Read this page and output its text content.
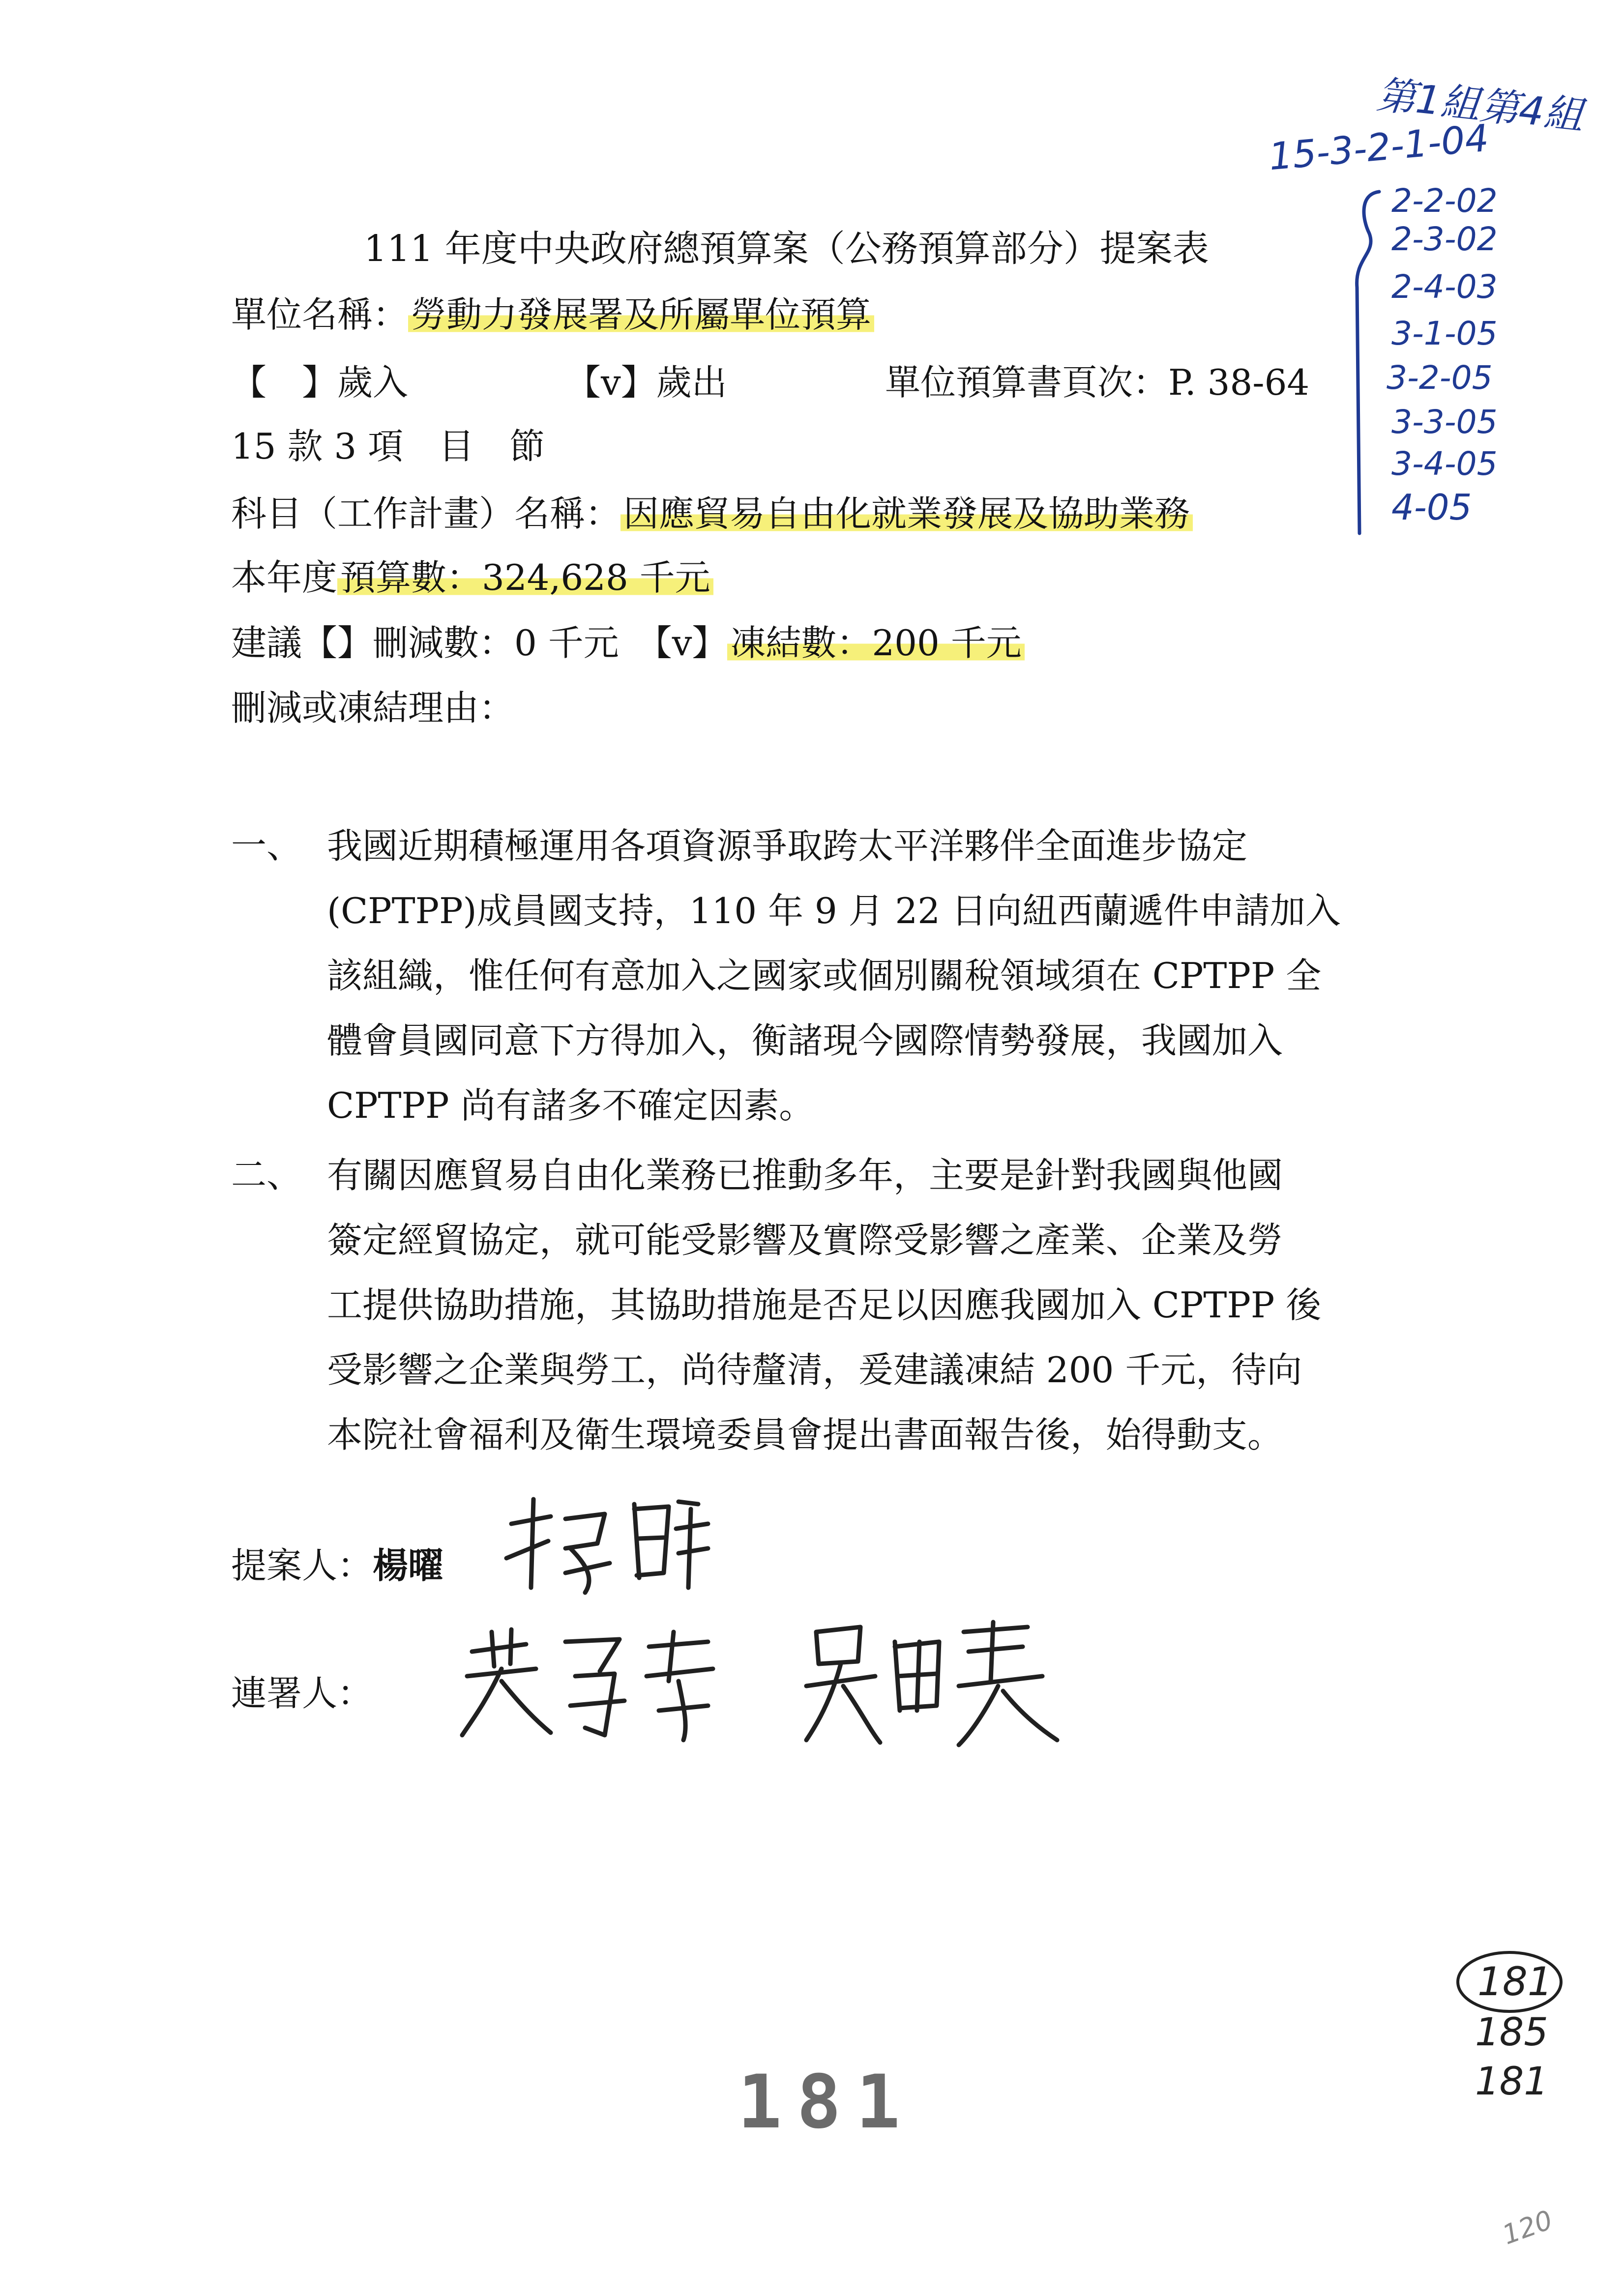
111 年度中央政府總預算案（公務預算部分）提案表
單位名稱：勞動力發展署及所屬單位預算
【　】歲入	【v】歲出	單位預算書頁次：P. 38-64
15 款 3 項　目　節
科目（工作計畫）名稱：因應貿易自由化就業發展及協助業務
本年度預算數：324,628 千元
建議【】刪減數：0 千元　【v】凍結數：200 千元
刪減或凍結理由：
一、 我國近期積極運用各項資源爭取跨太平洋夥伴全面進步協定
(CPTPP)成員國支持，110 年 9 月 22 日向紐西蘭遞件申請加入
該組織，惟任何有意加入之國家或個別關稅領域須在 CPTPP 全
體會員國同意下方得加入，衡諸現今國際情勢發展，我國加入
CPTPP 尚有諸多不確定因素。
二、 有關因應貿易自由化業務已推動多年，主要是針對我國與他國
簽定經貿協定，就可能受影響及實際受影響之產業、企業及勞
工提供協助措施，其協助措施是否足以因應我國加入 CPTPP 後
受影響之企業與勞工，尚待釐清，爰建議凍結 200 千元，待向
本院社會福利及衛生環境委員會提出書面報告後，始得動支。
提案人：楊曜
連署人：
第1組第4組
15-3-2-1-04
2-2-02
2-3-02
2-4-03
3-1-05
3-2-05
3-3-05
3-4-05
4-05
181
185
181
120
181
